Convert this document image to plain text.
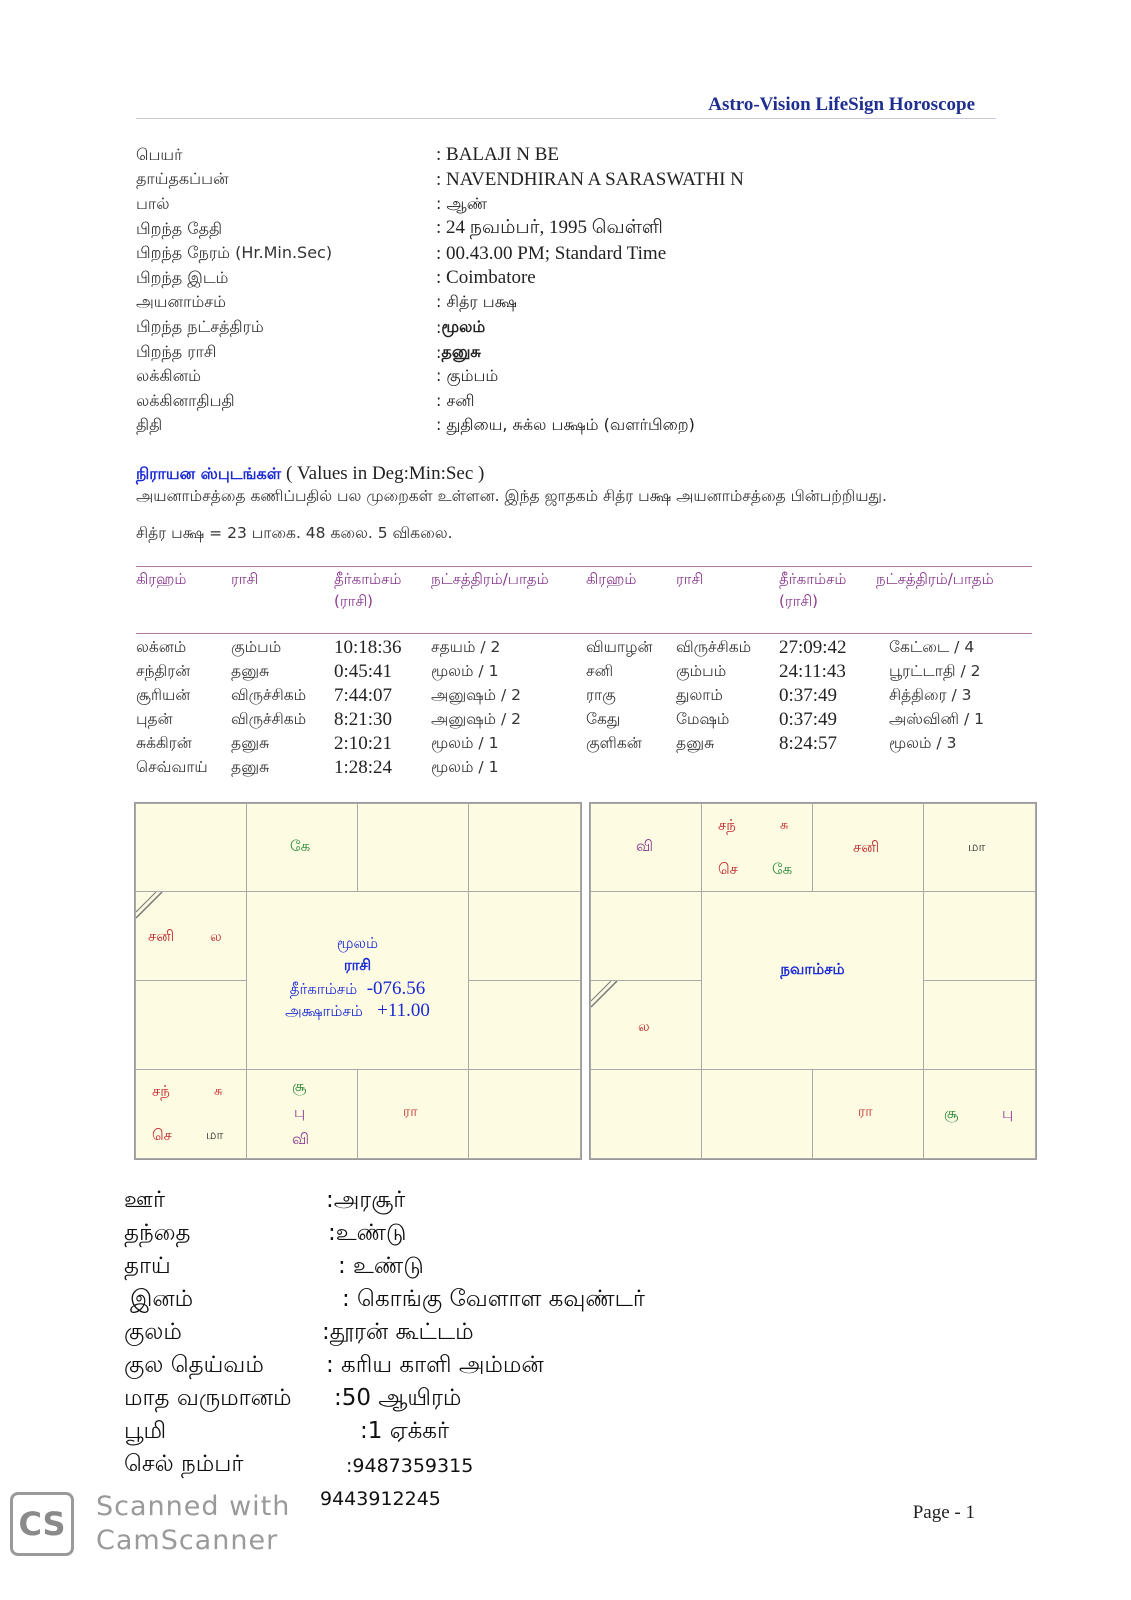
Astro-Vision LifeSign Horoscope
பெயர்	: BALAJI N BE
தாய்தகப்பன்	: NAVENDHIRAN A SARASWATHI N
பால்	: ஆண்
பிறந்த தேதி	: 24 நவம்பர், 1995 வெள்ளி
பிறந்த நேரம் (Hr.Min.Sec)	: 00.43.00 PM; Standard Time
பிறந்த இடம்	: Coimbatore
அயனாம்சம்	: சித்ர பக்ஷ
பிறந்த நட்சத்திரம்	: மூலம்
பிறந்த ராசி	: தனுசு
லக்கினம்	: கும்பம்
லக்கினாதிபதி	: சனி
திதி	: துதியை, சுக்ல பக்ஷம் (வளர்பிறை)
நிராயன ஸ்புடங்கள் ( Values in Deg:Min:Sec )
அயனாம்சத்தை கணிப்பதில் பல முறைகள் உள்ளன. இந்த ஜாதகம் சித்ர பக்ஷ அயனாம்சத்தை பின்பற்றியது.
சித்ர பக்ஷ = 23 பாகை. 48 கலை. 5 விகலை.
கிரஹம்	ராசி	தீர்காம்சம்
(ராசி)
நட்சத்திரம்/பாதம் கிரஹம்	ராசி	தீர்காம்சம்
(ராசி)
நட்சத்திரம்/பாதம்
லக்னம்	கும்பம்	10:18:36 சதயம் / 2
சந்திரன்	தனுசு	0:45:41	மூலம் / 1
சூரியன்	விருச்சிகம் 7:44:07	அனுஷம் / 2
புதன்	விருச்சிகம் 8:21:30	அனுஷம் / 2
சுக்கிரன்	தனுசு	2:10:21	மூலம் / 1
செவ்வாய் தனுசு	1:28:24	மூலம் / 1
வியாழன் விருச்சிகம் 27:09:42	கேட்டை / 4
சனி	கும்பம்	24:11:43	பூரட்டாதி / 2
ராகு	துலாம்	0:37:49	சித்திரை / 3
கேது	மேஷம்	0:37:49	அஸ்வினி / 1
குளிகன் தனுசு	8:24:57	மூலம் / 3
கே
சனி	ல	மூலம்
ராசி
தீர்காம்சம் -076.56
அக்ஷாம்சம் +11.00
சந்	சு
செ	மா
சூ
பு
வி
ரா
வி
சந்	சு
செ கே
சனி	மா
ல
நவாம்சம்
ரா	சூ	பு
ஊர்	:அரசூர்
தந்தை	:உண்டு
தாய்	: உண்டு
இனம்	: கொங்கு வேளாள கவுண்டர்
குலம்	:தூரன் கூட்டம்
குல தெய்வம்	: கரிய காளி அம்மன்
மாத வருமானம் :50 ஆயிரம்
பூமி	:1 ஏக்கர்
செல் நம்பர்	:9487359315
9443912245
CS	Scanned with
CamScanner
Page - 1
